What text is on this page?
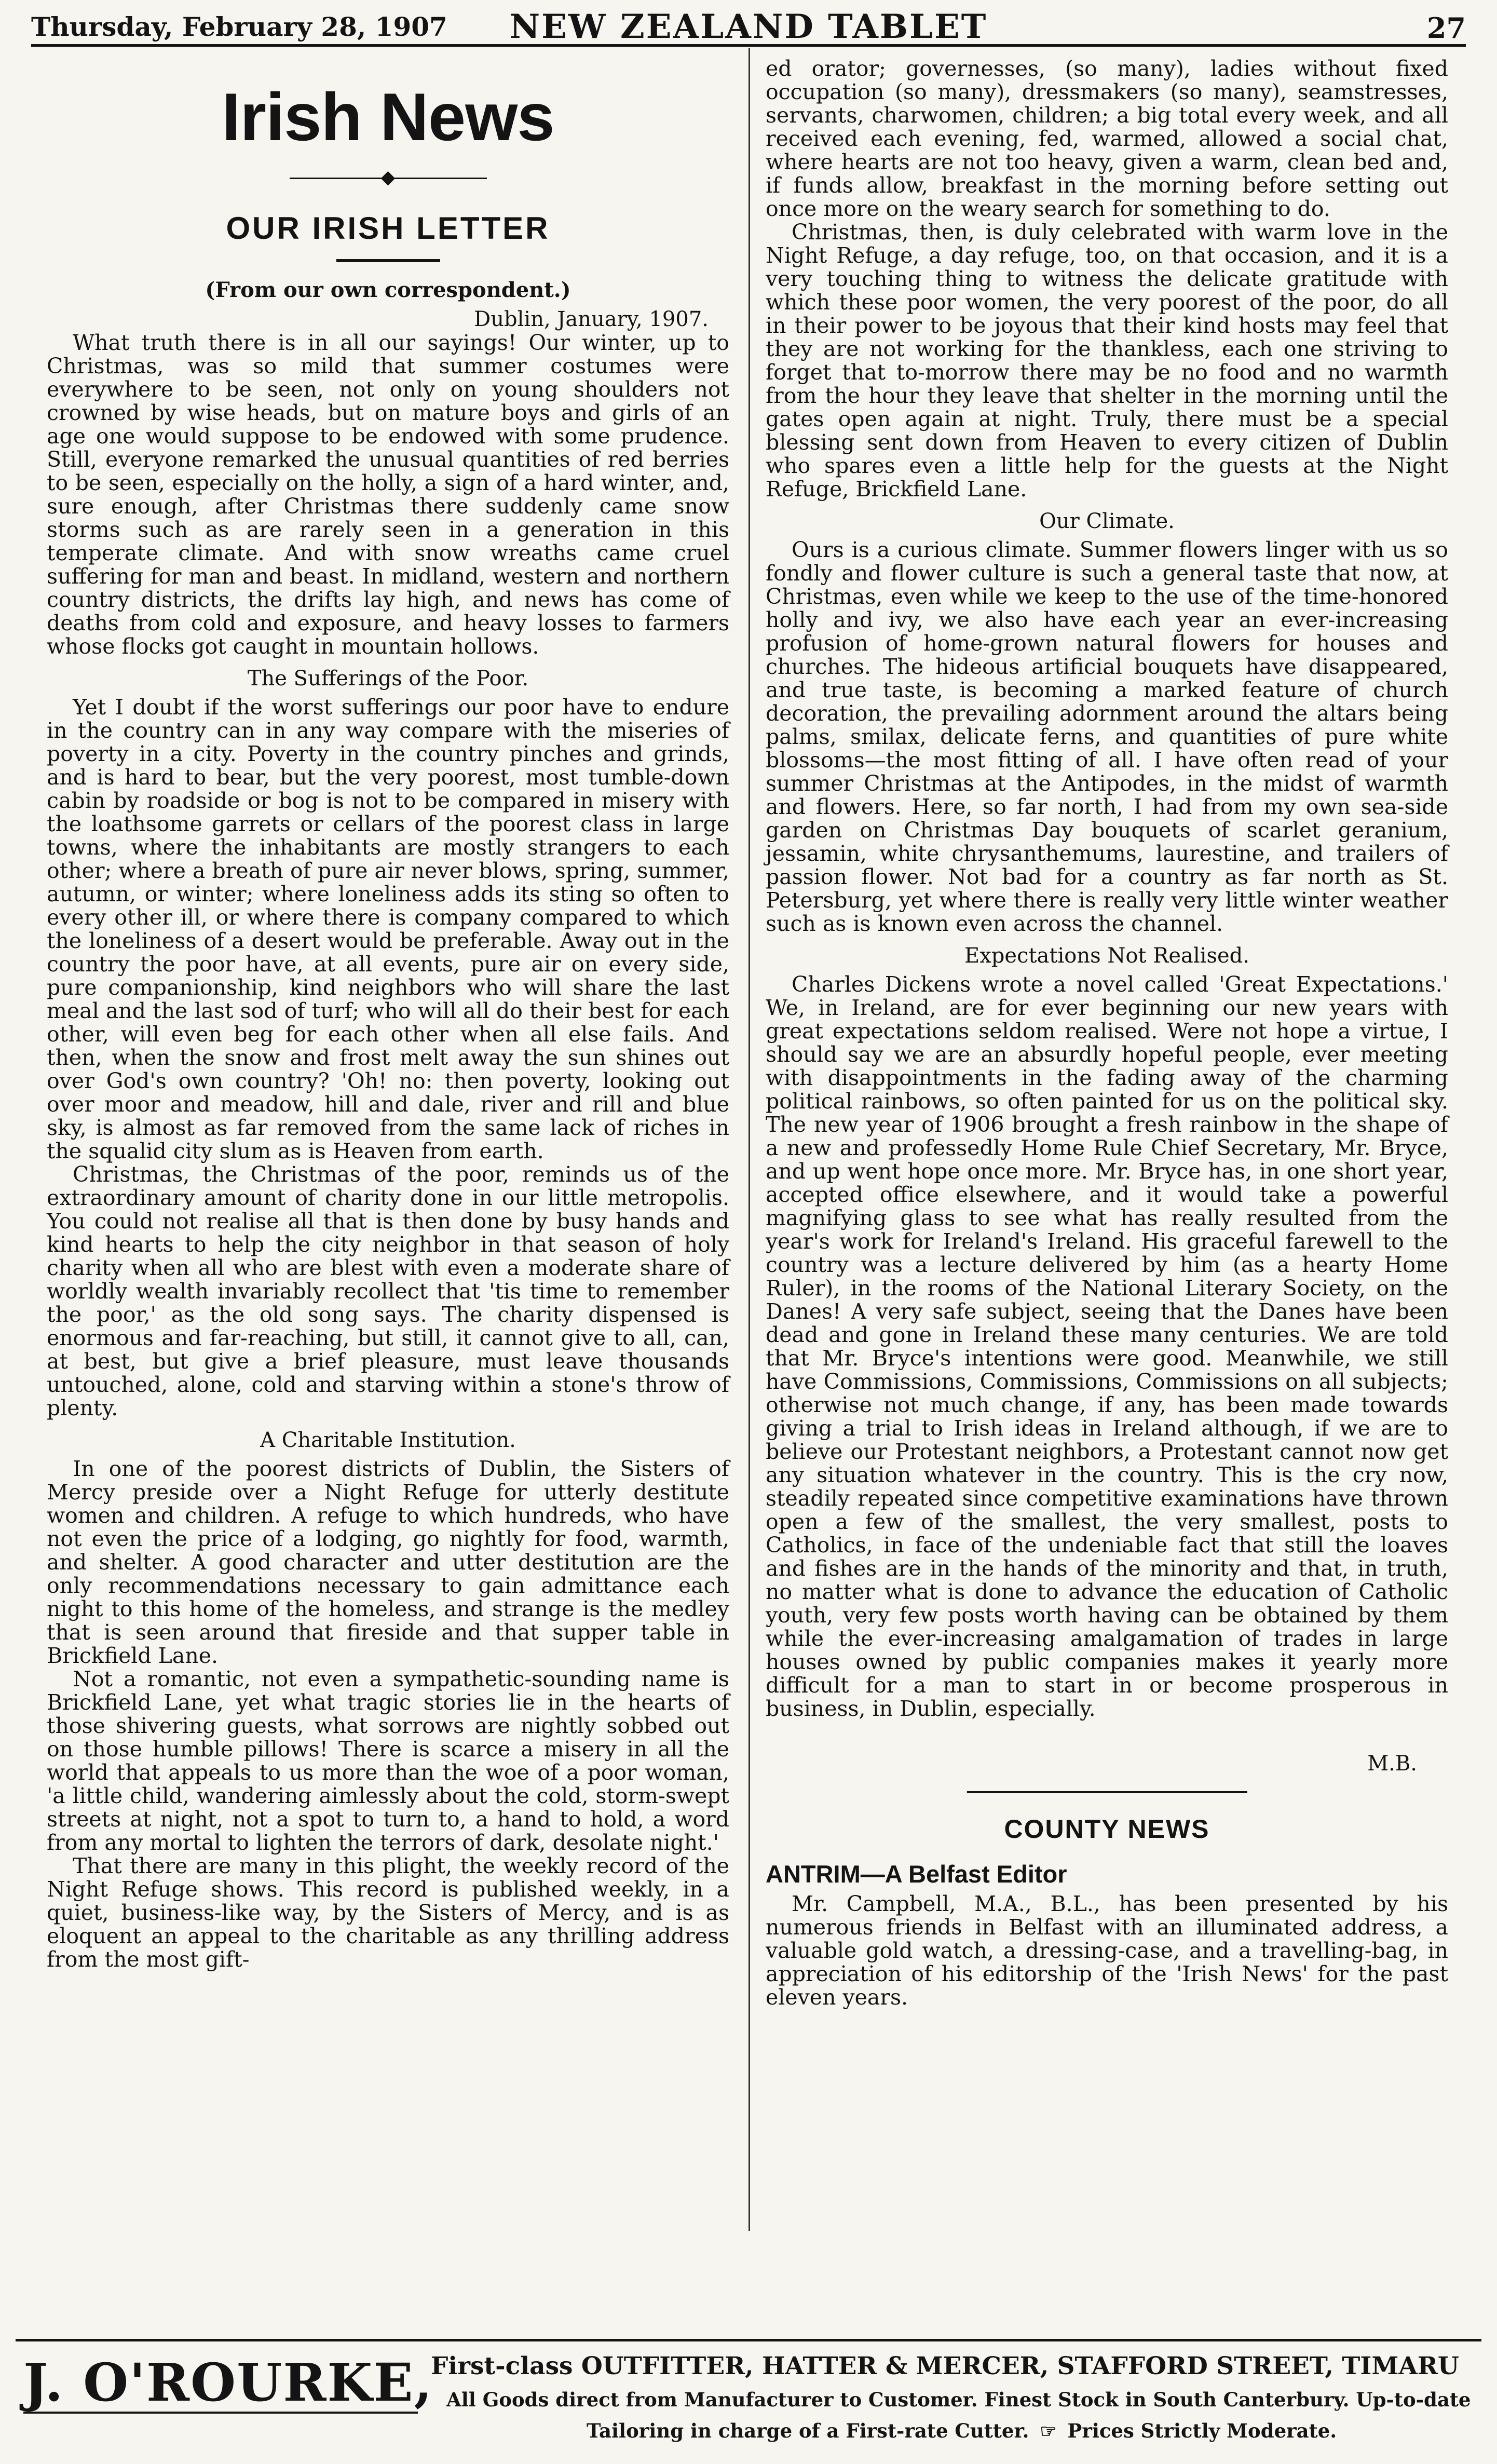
Thursday, February 28, 1907	NEW ZEALAND TABLET	27
Irish News
◆
OUR IRISH LETTER
(From our own correspondent.)
Dublin, January, 1907.

What truth there is in all our sayings! Our winter, up to Christmas, was so mild that summer costumes were everywhere to be seen, not only on young shoulders not crowned by wise heads, but on mature boys and girls of an age one would suppose to be endowed with some prudence. Still, everyone remarked the unusual quantities of red berries to be seen, especially on the holly, a sign of a hard winter, and, sure enough, after Christmas there suddenly came snow storms such as are rarely seen in a generation in this temperate climate. And with snow wreaths came cruel suffering for man and beast. In midland, western and northern country districts, the drifts lay high, and news has come of deaths from cold and exposure, and heavy losses to farmers whose flocks got caught in mountain hollows.

The Sufferings of the Poor.

Yet I doubt if the worst sufferings our poor have to endure in the country can in any way compare with the miseries of poverty in a city. Poverty in the country pinches and grinds, and is hard to bear, but the very poorest, most tumble-down cabin by roadside or bog is not to be compared in misery with the loathsome garrets or cellars of the poorest class in large towns, where the inhabitants are mostly strangers to each other; where a breath of pure air never blows, spring, summer, autumn, or winter; where loneliness adds its sting so often to every other ill, or where there is company compared to which the loneliness of a desert would be preferable. Away out in the country the poor have, at all events, pure air on every side, pure companionship, kind neighbors who will share the last meal and the last sod of turf; who will all do their best for each other, will even beg for each other when all else fails. And then, when the snow and frost melt away the sun shines out over God's own country? 'Oh! no: then poverty, looking out over moor and meadow, hill and dale, river and rill and blue sky, is almost as far removed from the same lack of riches in the squalid city slum as is Heaven from earth.

Christmas, the Christmas of the poor, reminds us of the extraordinary amount of charity done in our little metropolis. You could not realise all that is then done by busy hands and kind hearts to help the city neighbor in that season of holy charity when all who are blest with even a moderate share of worldly wealth invariably recollect that 'tis time to remember the poor,' as the old song says. The charity dispensed is enormous and far-reaching, but still, it cannot give to all, can, at best, but give a brief pleasure, must leave thousands untouched, alone, cold and starving within a stone's throw of plenty.

A Charitable Institution.

In one of the poorest districts of Dublin, the Sisters of Mercy preside over a Night Refuge for utterly destitute women and children. A refuge to which hundreds, who have not even the price of a lodging, go nightly for food, warmth, and shelter. A good character and utter destitution are the only recommendations necessary to gain admittance each night to this home of the homeless, and strange is the medley that is seen around that fireside and that supper table in Brickfield Lane.

Not a romantic, not even a sympathetic-sounding name is Brickfield Lane, yet what tragic stories lie in the hearts of those shivering guests, what sorrows are nightly sobbed out on those humble pillows! There is scarce a misery in all the world that appeals to us more than the woe of a poor woman, 'a little child, wandering aimlessly about the cold, storm-swept streets at night, not a spot to turn to, a hand to hold, a word from any mortal to lighten the terrors of dark, desolate night.'

That there are many in this plight, the weekly record of the Night Refuge shows. This record is published weekly, in a quiet, business-like way, by the Sisters of Mercy, and is as eloquent an appeal to the charitable as any thrilling address from the most gift-

ed orator; governesses, (so many), ladies without fixed occupation (so many), dressmakers (so many), seamstresses, servants, charwomen, children; a big total every week, and all received each evening, fed, warmed, allowed a social chat, where hearts are not too heavy, given a warm, clean bed and, if funds allow, breakfast in the morning before setting out once more on the weary search for something to do.

Christmas, then, is duly celebrated with warm love in the Night Refuge, a day refuge, too, on that occasion, and it is a very touching thing to witness the delicate gratitude with which these poor women, the very poorest of the poor, do all in their power to be joyous that their kind hosts may feel that they are not working for the thankless, each one striving to forget that to-morrow there may be no food and no warmth from the hour they leave that shelter in the morning until the gates open again at night. Truly, there must be a special blessing sent down from Heaven to every citizen of Dublin who spares even a little help for the guests at the Night Refuge, Brickfield Lane.

Our Climate.

Ours is a curious climate. Summer flowers linger with us so fondly and flower culture is such a general taste that now, at Christmas, even while we keep to the use of the time-honored holly and ivy, we also have each year an ever-increasing profusion of home-grown natural flowers for houses and churches. The hideous artificial bouquets have disappeared, and true taste, is becoming a marked feature of church decoration, the prevailing adornment around the altars being palms, smilax, delicate ferns, and quantities of pure white blossoms—the most fitting of all. I have often read of your summer Christmas at the Antipodes, in the midst of warmth and flowers. Here, so far north, I had from my own sea-side garden on Christmas Day bouquets of scarlet geranium, jessamin, white chrysanthemums, laurestine, and trailers of passion flower. Not bad for a country as far north as St. Petersburg, yet where there is really very little winter weather such as is known even across the channel.

Expectations Not Realised.

Charles Dickens wrote a novel called 'Great Expectations.' We, in Ireland, are for ever beginning our new years with great expectations seldom realised. Were not hope a virtue, I should say we are an absurdly hopeful people, ever meeting with disappointments in the fading away of the charming political rainbows, so often painted for us on the political sky. The new year of 1906 brought a fresh rainbow in the shape of a new and professedly Home Rule Chief Secretary, Mr. Bryce, and up went hope once more. Mr. Bryce has, in one short year, accepted office elsewhere, and it would take a powerful magnifying glass to see what has really resulted from the year's work for Ireland's Ireland. His graceful farewell to the country was a lecture delivered by him (as a hearty Home Ruler), in the rooms of the National Literary Society, on the Danes! A very safe subject, seeing that the Danes have been dead and gone in Ireland these many centuries. We are told that Mr. Bryce's intentions were good. Meanwhile, we still have Commissions, Commissions, Commissions on all subjects; otherwise not much change, if any, has been made towards giving a trial to Irish ideas in Ireland although, if we are to believe our Protestant neighbors, a Protestant cannot now get any situation whatever in the country. This is the cry now, steadily repeated since competitive examinations have thrown open a few of the smallest, the very smallest, posts to Catholics, in face of the undeniable fact that still the loaves and fishes are in the hands of the minority and that, in truth, no matter what is done to advance the education of Catholic youth, very few posts worth having can be obtained by them while the ever-increasing amalgamation of trades in large houses owned by public companies makes it yearly more difficult for a man to start in or become prosperous in business, in Dublin, especially.

M.B.
COUNTY NEWS
ANTRIM—A Belfast Editor

Mr. Campbell, M.A., B.L., has been presented by his numerous friends in Belfast with an illuminated address, a valuable gold watch, a dressing-case, and a travelling-bag, in appreciation of his editorship of the 'Irish News' for the past eleven years.

J. O'ROURKE,
First-class OUTFITTER, HATTER & MERCER, STAFFORD STREET, TIMARU
All Goods direct from Manufacturer to Customer. Finest Stock in South Canterbury. Up-to-date
Tailoring in charge of a First-rate Cutter. ☞ Prices Strictly Moderate.
